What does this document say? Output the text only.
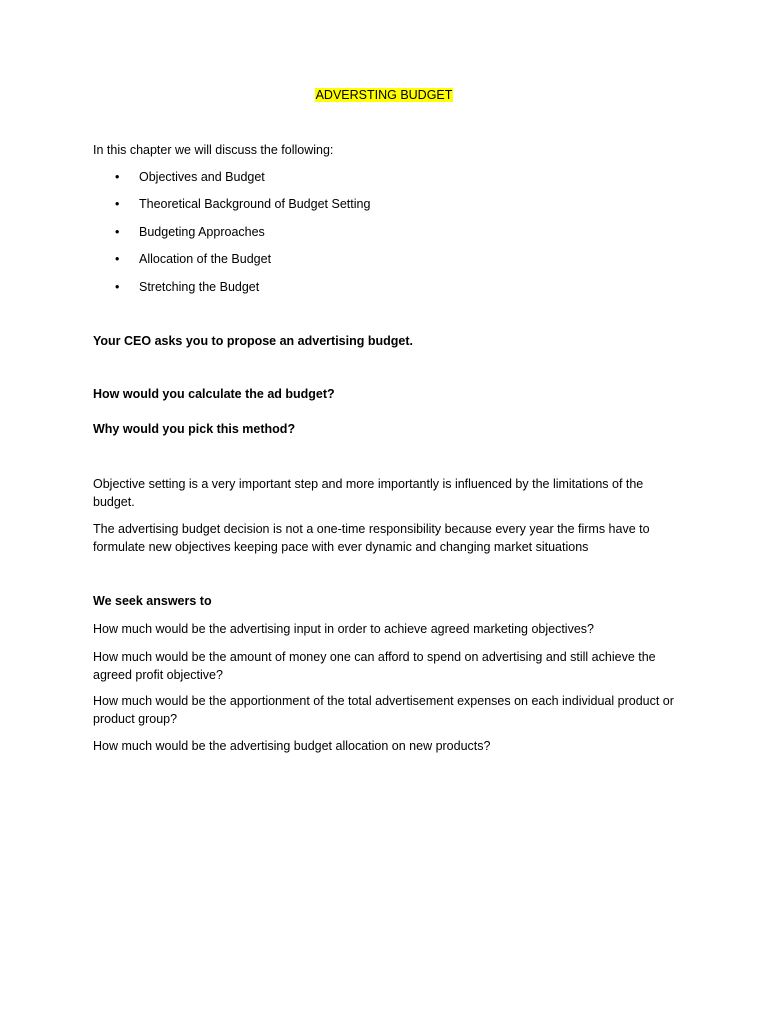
ADVERSTING BUDGET
In this chapter we will discuss the following:
• Objectives and Budget
• Theoretical Background of Budget Setting
• Budgeting Approaches
• Allocation of the Budget
• Stretching the Budget
Your CEO asks you to propose an advertising budget.
How would you calculate the ad budget?
Why would you pick this method?
Objective setting is a very important step and more importantly is influenced by the limitations of the budget.
The advertising budget decision is not a one-time responsibility because every year the firms have to formulate new objectives keeping pace with ever dynamic and changing market situations
We seek answers to
How much would be the advertising input in order to achieve agreed marketing objectives?
How much would be the amount of money one can afford to spend on advertising and still achieve the agreed profit objective?
How much would be the apportionment of the total advertisement expenses on each individual product or product group?
How much would be the advertising budget allocation on new products?
